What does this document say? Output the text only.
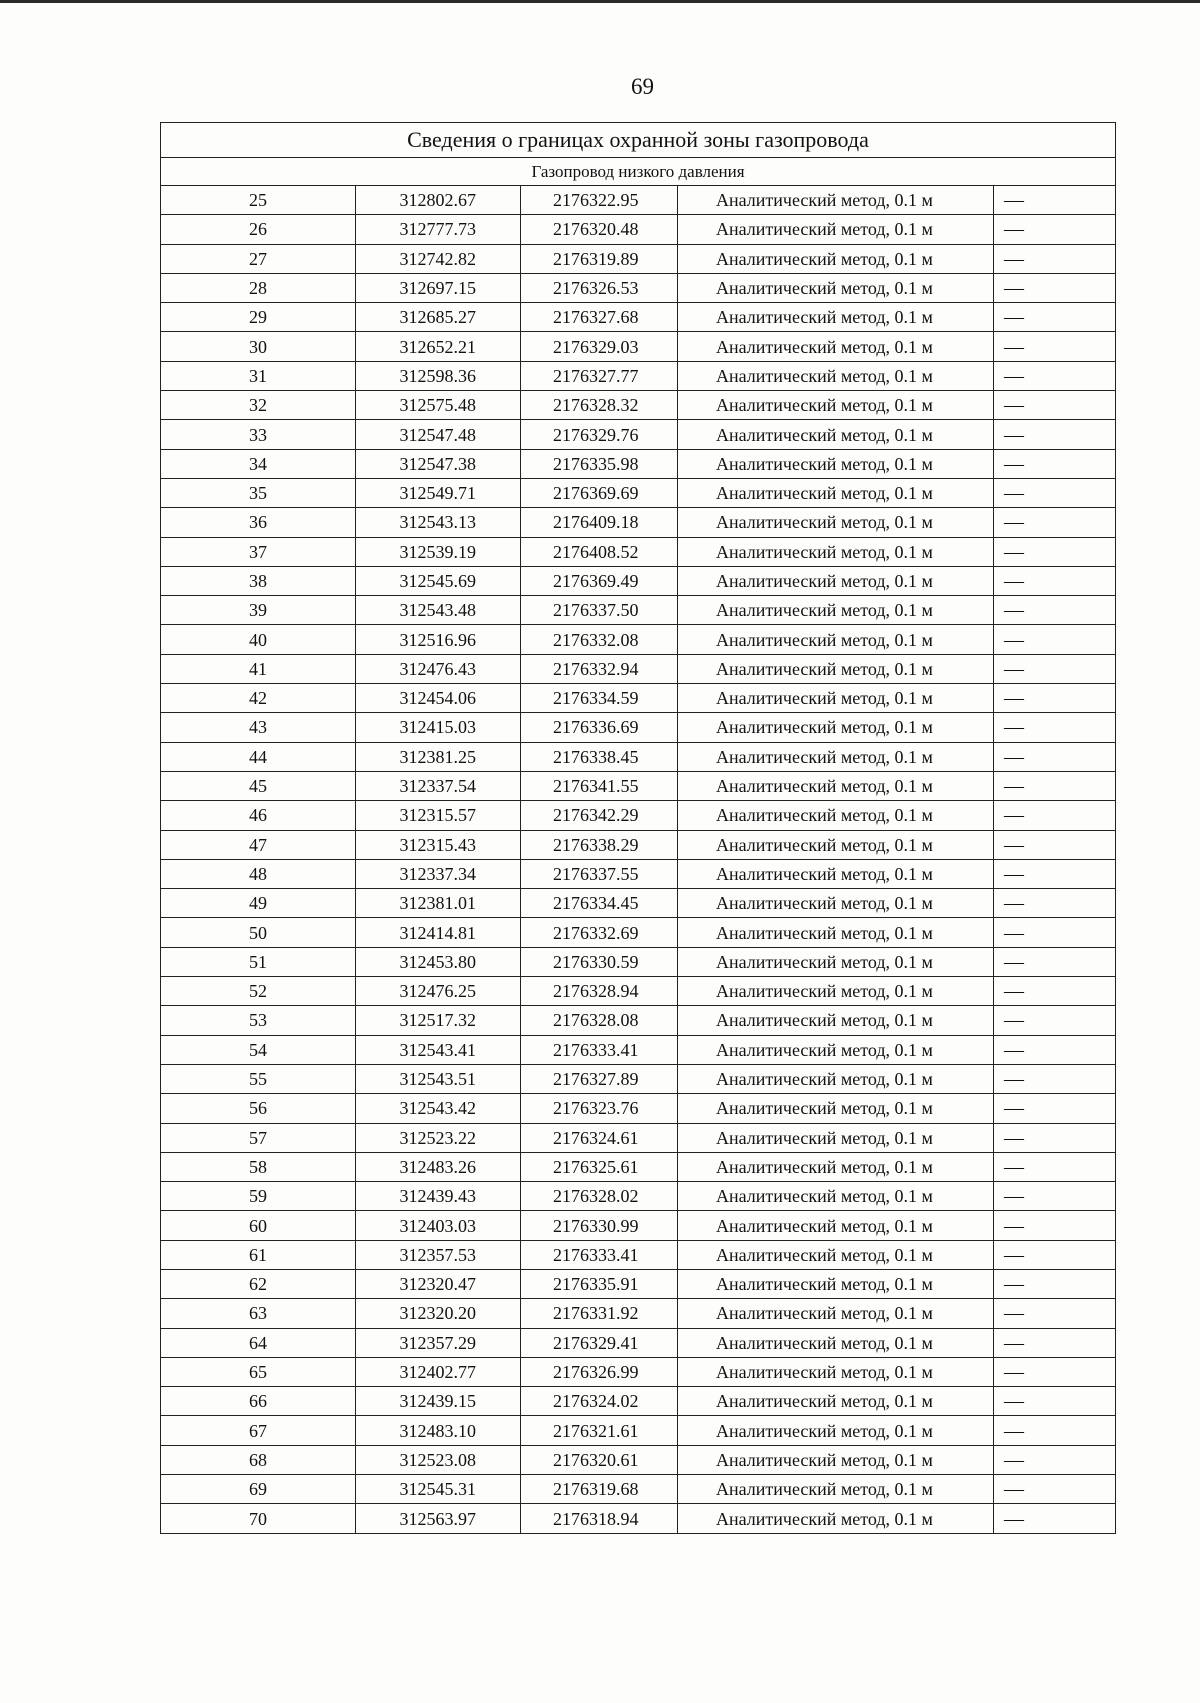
69
Сведения о границах охранной зоны газопровода				
Газопровод низкого давления				
25	312802.67	2176322.95	Аналитический метод, 0.1 м	—
26	312777.73	2176320.48	Аналитический метод, 0.1 м	—
27	312742.82	2176319.89	Аналитический метод, 0.1 м	—
28	312697.15	2176326.53	Аналитический метод, 0.1 м	—
29	312685.27	2176327.68	Аналитический метод, 0.1 м	—
30	312652.21	2176329.03	Аналитический метод, 0.1 м	—
31	312598.36	2176327.77	Аналитический метод, 0.1 м	—
32	312575.48	2176328.32	Аналитический метод, 0.1 м	—
33	312547.48	2176329.76	Аналитический метод, 0.1 м	—
34	312547.38	2176335.98	Аналитический метод, 0.1 м	—
35	312549.71	2176369.69	Аналитический метод, 0.1 м	—
36	312543.13	2176409.18	Аналитический метод, 0.1 м	—
37	312539.19	2176408.52	Аналитический метод, 0.1 м	—
38	312545.69	2176369.49	Аналитический метод, 0.1 м	—
39	312543.48	2176337.50	Аналитический метод, 0.1 м	—
40	312516.96	2176332.08	Аналитический метод, 0.1 м	—
41	312476.43	2176332.94	Аналитический метод, 0.1 м	—
42	312454.06	2176334.59	Аналитический метод, 0.1 м	—
43	312415.03	2176336.69	Аналитический метод, 0.1 м	—
44	312381.25	2176338.45	Аналитический метод, 0.1 м	—
45	312337.54	2176341.55	Аналитический метод, 0.1 м	—
46	312315.57	2176342.29	Аналитический метод, 0.1 м	—
47	312315.43	2176338.29	Аналитический метод, 0.1 м	—
48	312337.34	2176337.55	Аналитический метод, 0.1 м	—
49	312381.01	2176334.45	Аналитический метод, 0.1 м	—
50	312414.81	2176332.69	Аналитический метод, 0.1 м	—
51	312453.80	2176330.59	Аналитический метод, 0.1 м	—
52	312476.25	2176328.94	Аналитический метод, 0.1 м	—
53	312517.32	2176328.08	Аналитический метод, 0.1 м	—
54	312543.41	2176333.41	Аналитический метод, 0.1 м	—
55	312543.51	2176327.89	Аналитический метод, 0.1 м	—
56	312543.42	2176323.76	Аналитический метод, 0.1 м	—
57	312523.22	2176324.61	Аналитический метод, 0.1 м	—
58	312483.26	2176325.61	Аналитический метод, 0.1 м	—
59	312439.43	2176328.02	Аналитический метод, 0.1 м	—
60	312403.03	2176330.99	Аналитический метод, 0.1 м	—
61	312357.53	2176333.41	Аналитический метод, 0.1 м	—
62	312320.47	2176335.91	Аналитический метод, 0.1 м	—
63	312320.20	2176331.92	Аналитический метод, 0.1 м	—
64	312357.29	2176329.41	Аналитический метод, 0.1 м	—
65	312402.77	2176326.99	Аналитический метод, 0.1 м	—
66	312439.15	2176324.02	Аналитический метод, 0.1 м	—
67	312483.10	2176321.61	Аналитический метод, 0.1 м	—
68	312523.08	2176320.61	Аналитический метод, 0.1 м	—
69	312545.31	2176319.68	Аналитический метод, 0.1 м	—
70	312563.97	2176318.94	Аналитический метод, 0.1 м	—
